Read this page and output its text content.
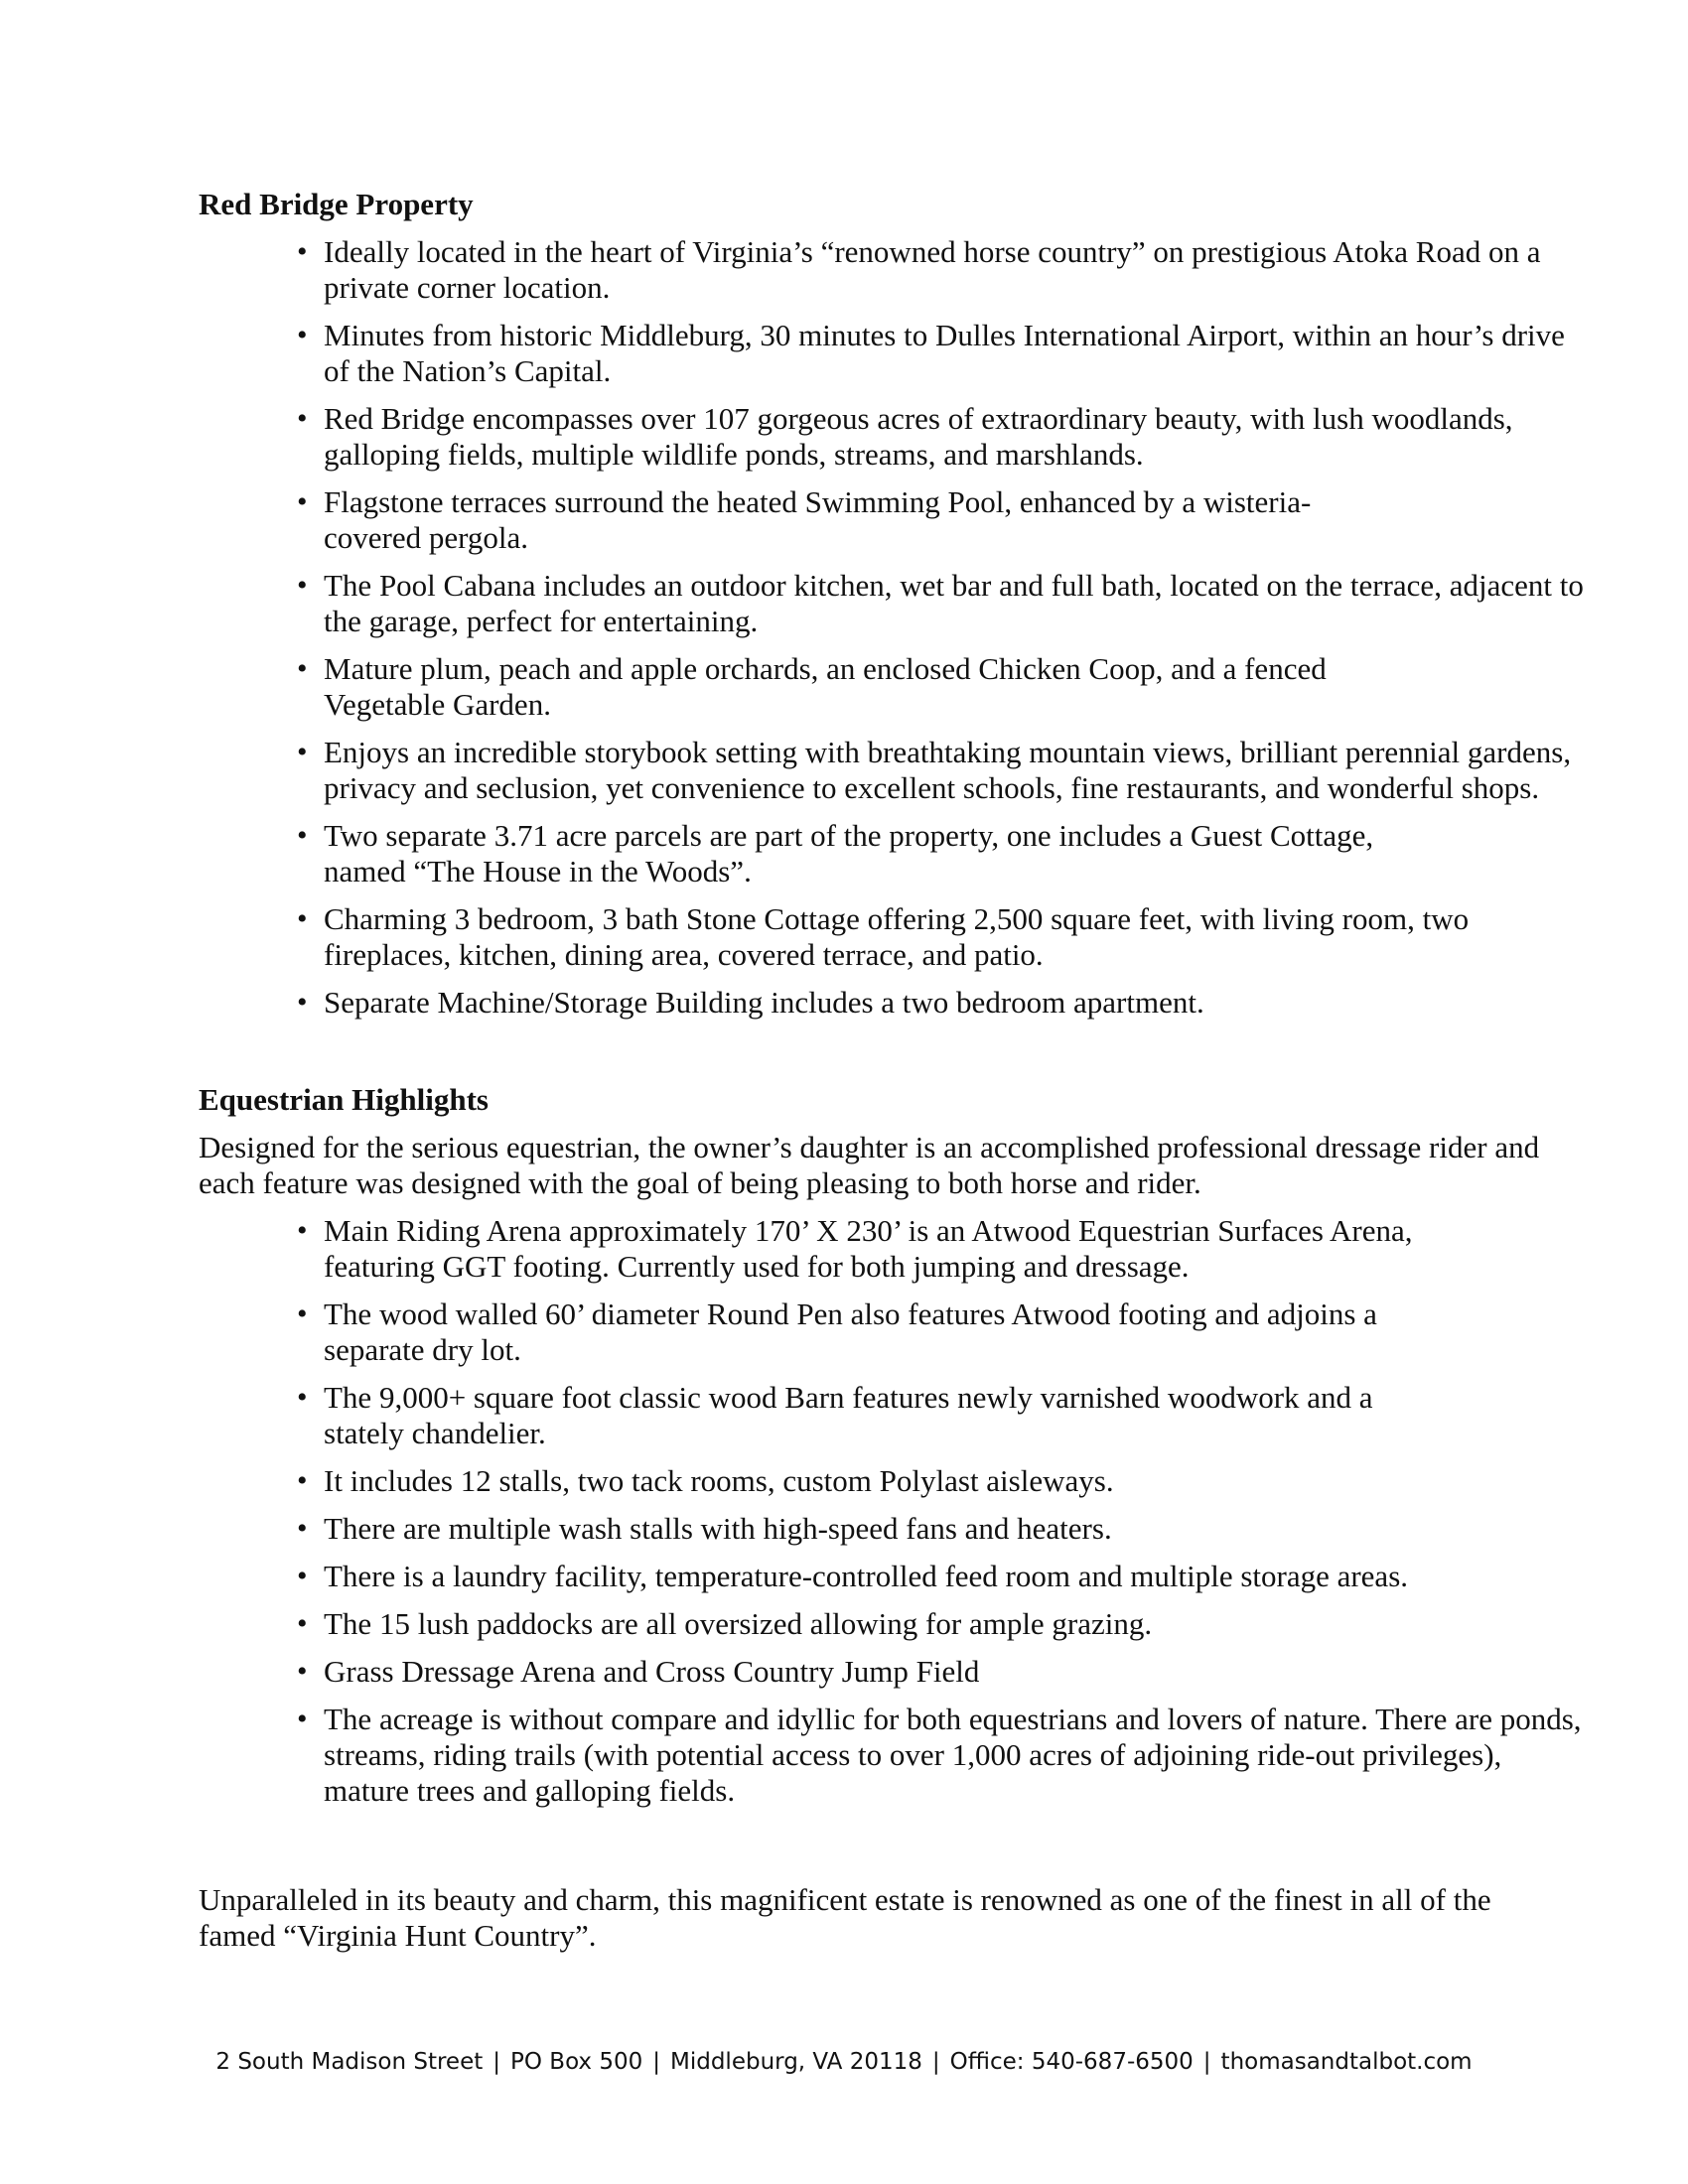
Red Bridge Property
• Ideally located in the heart of Virginia’s “renowned horse country” on prestigious Atoka Road on a private corner location.
• Minutes from historic Middleburg, 30 minutes to Dulles International Airport, within an hour’s drive of the Nation’s Capital.
• Red Bridge encompasses over 107 gorgeous acres of extraordinary beauty, with lush woodlands, galloping fields, multiple wildlife ponds, streams, and marshlands.
• Flagstone terraces surround the heated Swimming Pool, enhanced by a wisteria-covered pergola.
• The Pool Cabana includes an outdoor kitchen, wet bar and full bath, located on the terrace, adjacent to the garage, perfect for entertaining.
• Mature plum, peach and apple orchards, an enclosed Chicken Coop, and a fenced Vegetable Garden.
• Enjoys an incredible storybook setting with breathtaking mountain views, brilliant perennial gardens, privacy and seclusion, yet convenience to excellent schools, fine restaurants, and wonderful shops.
• Two separate 3.71 acre parcels are part of the property, one includes a Guest Cottage, named “The House in the Woods”.
• Charming 3 bedroom, 3 bath Stone Cottage offering 2,500 square feet, with living room, two fireplaces, kitchen, dining area, covered terrace, and patio.
• Separate Machine/Storage Building includes a two bedroom apartment.
Equestrian Highlights

Designed for the serious equestrian, the owner’s daughter is an accomplished professional dressage rider and each feature was designed with the goal of being pleasing to both horse and rider.

• Main Riding Arena approximately 170’ X 230’ is an Atwood Equestrian Surfaces Arena, featuring GGT footing. Currently used for both jumping and dressage.
• The wood walled 60’ diameter Round Pen also features Atwood footing and adjoins a separate dry lot.
• The 9,000+ square foot classic wood Barn features newly varnished woodwork and a stately chandelier.
• It includes 12 stalls, two tack rooms, custom Polylast aisleways.
• There are multiple wash stalls with high-speed fans and heaters.
• There is a laundry facility, temperature-controlled feed room and multiple storage areas.
• The 15 lush paddocks are all oversized allowing for ample grazing.
• Grass Dressage Arena and Cross Country Jump Field
• The acreage is without compare and idyllic for both equestrians and lovers of nature. There are ponds, streams, riding trails (with potential access to over 1,000 acres of adjoining ride-out privileges), mature trees and galloping fields.

Unparalleled in its beauty and charm, this magnificent estate is renowned as one of the finest in all of the famed “Virginia Hunt Country”.

2 South Madison Street | PO Box 500 | Middleburg, VA 20118 | Office: 540-687-6500 | thomasandtalbot.com
